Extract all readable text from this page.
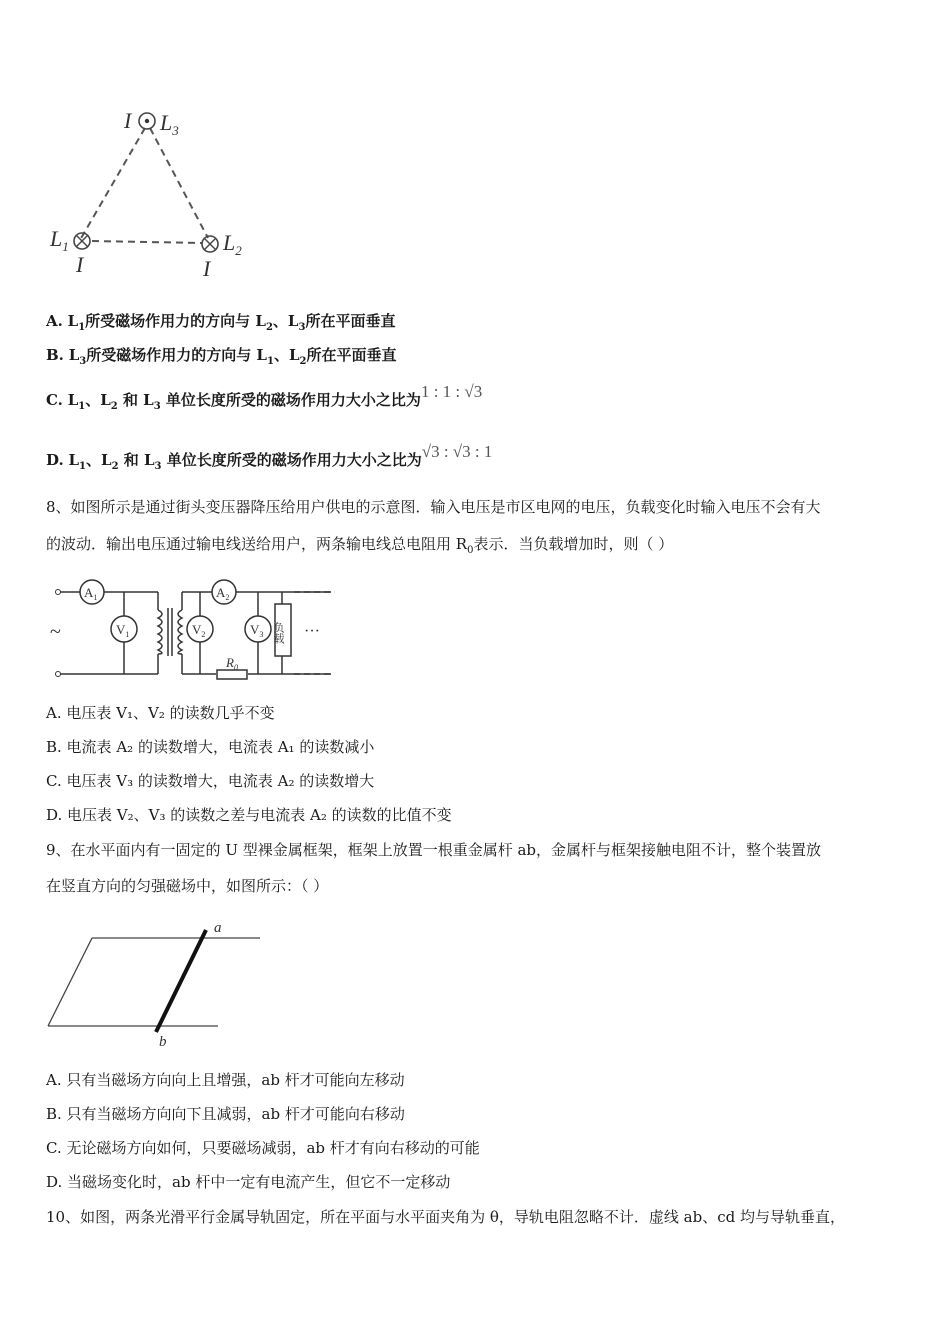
I $L_3$
$L_1$
I
$L_2$
I
A. $L_1$所受磁场作用力的方向与 $L_2$、$L_3$所在平面垂直
B. $L_3$所受磁场作用力的方向与 $L_1$、$L_2$所在平面垂直
C. $L_1$、$L_2$ 和 $L_3$ 单位长度所受的磁场作用力大小之比为1 : 1 : √3
D. $L_1$、$L_2$ 和 $L_3$ 单位长度所受的磁场作用力大小之比为√3 : √3 : 1
8、如图所示是通过街头变压器降压给用户供电的示意图．输入电压是市区电网的电压，负载变化时输入电压不会有大
的波动．输出电压通过输电线送给用户，两条输电线总电阻用 $R_0$表示．当负载增加时，则（ ）
~
$A_1$
$V_1$
$A_2$
$V_2$	$V_3$
$R_0$
负载 ···
A. 电压表 V₁、V₂ 的读数几乎不变
B. 电流表 A₂ 的读数增大，电流表 A₁ 的读数减小
C. 电压表 V₃ 的读数增大，电流表 A₂ 的读数增大
D. 电压表 V₂、V₃ 的读数之差与电流表 A₂ 的读数的比值不变
9、在水平面内有一固定的 U 型裸金属框架，框架上放置一根重金属杆 ab，金属杆与框架接触电阻不计，整个装置放
在竖直方向的匀强磁场中，如图所示：（ ）
a
b
A. 只有当磁场方向向上且增强，ab 杆才可能向左移动
B. 只有当磁场方向向下且减弱，ab 杆才可能向右移动
C. 无论磁场方向如何，只要磁场减弱，ab 杆才有向右移动的可能
D. 当磁场变化时，ab 杆中一定有电流产生，但它不一定移动
10、如图，两条光滑平行金属导轨固定，所在平面与水平面夹角为 θ，导轨电阻忽略不计．虚线 ab、cd 均与导轨垂直，
